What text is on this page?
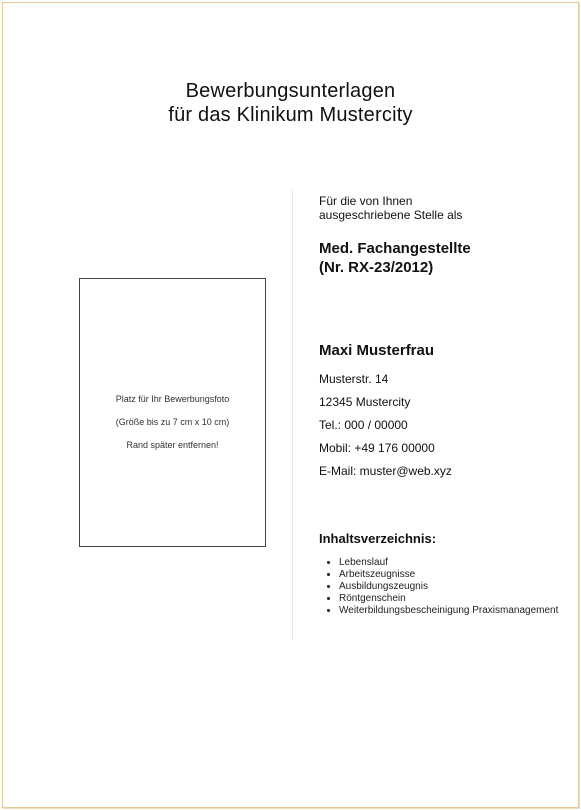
Bewerbungsunterlagen
für das Klinikum Mustercity
Platz für Ihr Bewerbungsfoto
(Größe bis zu 7 cm x 10 cm)
Rand später entfernen!
Für die von Ihnen
ausgeschriebene Stelle als
Med. Fachangestellte
(Nr. RX-23/2012)
Maxi Musterfrau
Musterstr. 14
12345 Mustercity
Tel.: 000 / 00000
Mobil: +49 176 00000
E-Mail: muster@web.xyz
Inhaltsverzeichnis:
• Lebenslauf
• Arbeitszeugnisse
• Ausbildungszeugnis
• Röntgenschein
• Weiterbildungsbescheinigung Praxismanagement
